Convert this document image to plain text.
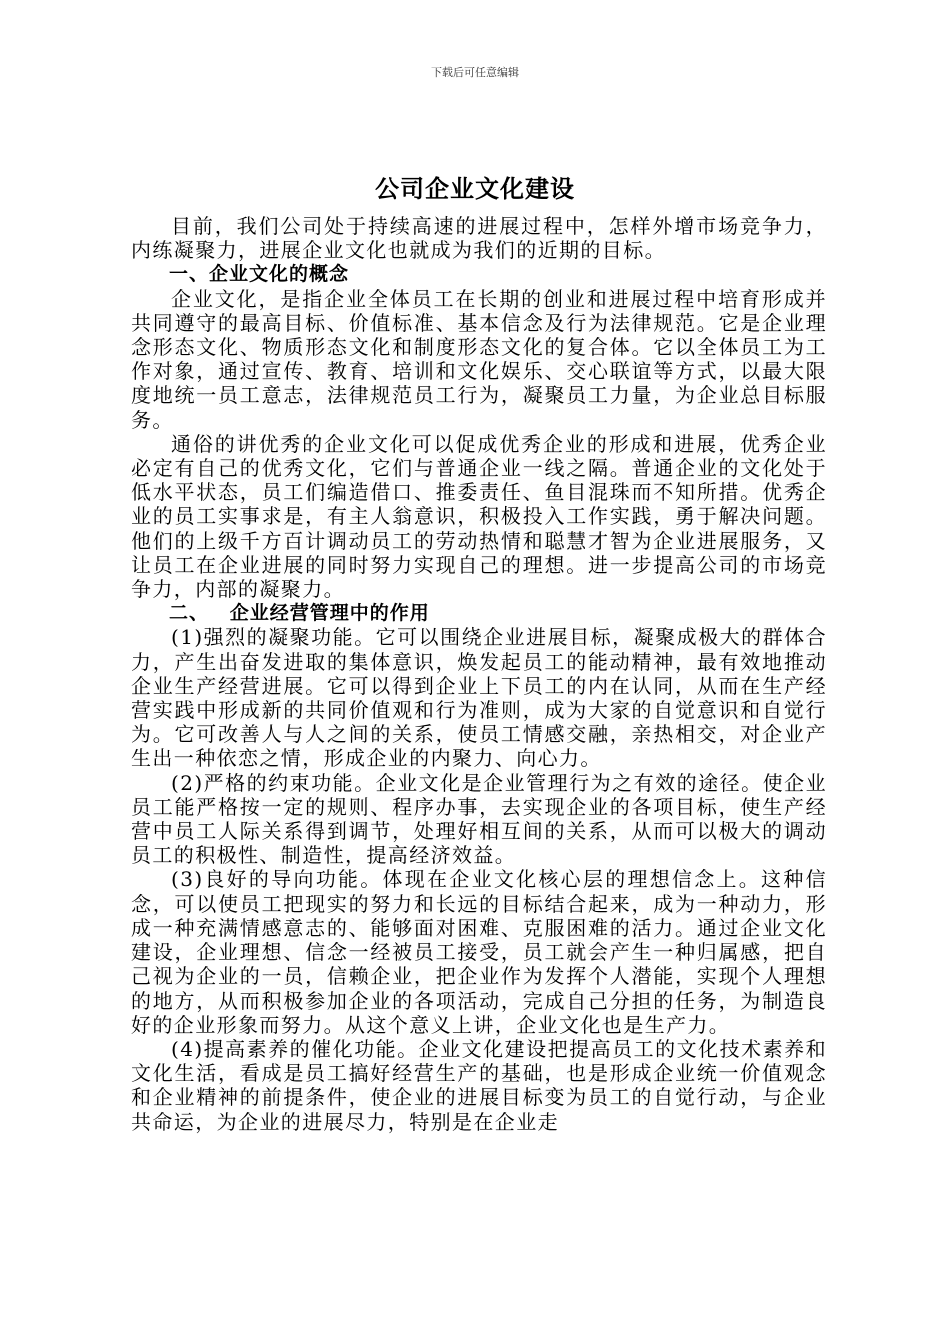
下载后可任意编辑
公司企业文化建设

目前，我们公司处于持续高速的进展过程中，怎样外增市场竞争力，内练凝聚力，进展企业文化也就成为我们的近期的目标。

一、企业文化的概念

企业文化，是指企业全体员工在长期的创业和进展过程中培育形成并共同遵守的最高目标、价值标准、基本信念及行为法律规范。它是企业理念形态文化、物质形态文化和制度形态文化的复合体。它以全体员工为工作对象，通过宣传、教育、培训和文化娱乐、交心联谊等方式，以最大限度地统一员工意志，法律规范员工行为，凝聚员工力量，为企业总目标服务。

通俗的讲优秀的企业文化可以促成优秀企业的形成和进展，优秀企业必定有自己的优秀文化，它们与普通企业一线之隔。普通企业的文化处于低水平状态，员工们编造借口、推委责任、鱼目混珠而不知所措。优秀企业的员工实事求是，有主人翁意识，积极投入工作实践，勇于解决问题。他们的上级千方百计调动员工的劳动热情和聪慧才智为企业进展服务，又让员工在企业进展的同时努力实现自己的理想。进一步提高公司的市场竞争力，内部的凝聚力。

二、 企业经营管理中的作用

(1)强烈的凝聚功能。它可以围绕企业进展目标，凝聚成极大的群体合力，产生出奋发进取的集体意识，焕发起员工的能动精神，最有效地推动企业生产经营进展。它可以得到企业上下员工的内在认同，从而在生产经营实践中形成新的共同价值观和行为准则，成为大家的自觉意识和自觉行为。它可改善人与人之间的关系，使员工情感交融，亲热相交，对企业产生出一种依恋之情，形成企业的内聚力、向心力。

(2)严格的约束功能。企业文化是企业管理行为之有效的途径。使企业员工能严格按一定的规则、程序办事，去实现企业的各项目标，使生产经营中员工人际关系得到调节，处理好相互间的关系，从而可以极大的调动员工的积极性、制造性，提高经济效益。

(3)良好的导向功能。体现在企业文化核心层的理想信念上。这种信念，可以使员工把现实的努力和长远的目标结合起来，成为一种动力，形成一种充满情感意志的、能够面对困难、克服困难的活力。通过企业文化建设，企业理想、信念一经被员工接受，员工就会产生一种归属感，把自己视为企业的一员，信赖企业，把企业作为发挥个人潜能，实现个人理想的地方，从而积极参加企业的各项活动，完成自己分担的任务，为制造良好的企业形象而努力。从这个意义上讲，企业文化也是生产力。

(4)提高素养的催化功能。企业文化建设把提高员工的文化技术素养和文化生活，看成是员工搞好经营生产的基础，也是形成企业统一价值观念和企业精神的前提条件，使企业的进展目标变为员工的自觉行动，与企业共命运，为企业的进展尽力，特别是在企业走
